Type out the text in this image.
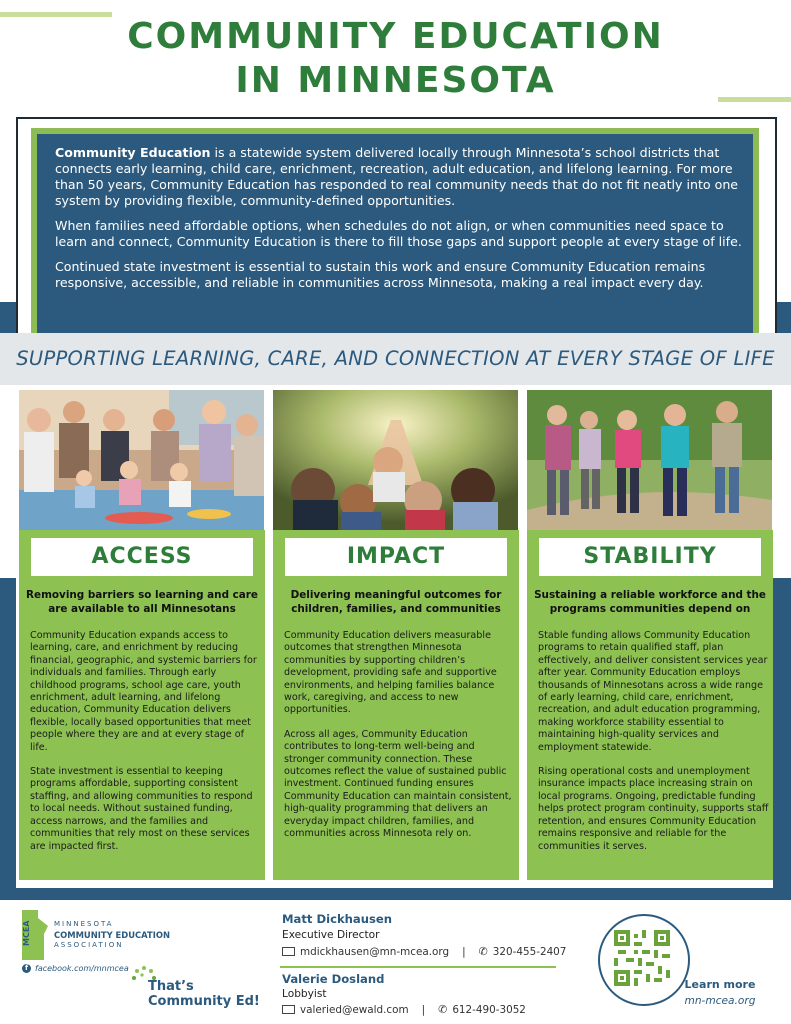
COMMUNITY EDUCATION
IN MINNESOTA

Community Education is a statewide system delivered locally through Minnesota’s school districts that connects early learning, child care, enrichment, recreation, adult education, and lifelong learning. For more than 50 years, Community Education has responded to real community needs that do not fit neatly into one system by providing flexible, community-defined opportunities.

When families need affordable options, when schedules do not align, or when communities need space to learn and connect, Community Education is there to fill those gaps and support people at every stage of life.

Continued state investment is essential to sustain this work and ensure Community Education remains responsive, accessible, and reliable in communities across Minnesota, making a real impact every day.

SUPPORTING LEARNING, CARE, AND CONNECTION AT EVERY STAGE OF LIFE
ACCESS
Removing barriers so learning and care are available to all Minnesotans

Community Education expands access to learning, care, and enrichment by reducing financial, geographic, and systemic barriers for individuals and families. Through early childhood programs, school age care, youth enrichment, adult learning, and lifelong education, Community Education delivers flexible, locally based opportunities that meet people where they are and at every stage of life.

State investment is essential to keeping programs affordable, supporting consistent staffing, and allowing communities to respond to local needs. Without sustained funding, access narrows, and the families and communities that rely most on these services are impacted first.

IMPACT
Delivering meaningful outcomes for children, families, and communities

Community Education delivers measurable outcomes that strengthen Minnesota communities by supporting children’s development, providing safe and supportive environments, and helping families balance work, caregiving, and access to new opportunities.

Across all ages, Community Education contributes to long-term well-being and stronger community connection. These outcomes reflect the value of sustained public investment. Continued funding ensures Community Education can maintain consistent, high-quality programming that delivers an everyday impact children, families, and communities across Minnesota rely on.

STABILITY
Sustaining a reliable workforce and the programs communities depend on

Stable funding allows Community Education programs to retain qualified staff, plan effectively, and deliver consistent services year after year. Community Education employs thousands of Minnesotans across a wide range of early learning, child care, enrichment, recreation, and adult education programming, making workforce stability essential to maintaining high-quality services and employment statewide.

Rising operational costs and unemployment insurance impacts place increasing strain on local programs. Ongoing, predictable funding helps protect program continuity, supports staff retention, and ensures Community Education remains responsive and reliable for the communities it serves.

MCEA	MINNESOTA
COMMUNITY EDUCATION
ASSOCIATION
f facebook.com/mnmcea
That’s
Community Ed!
Matt Dickhausen
Executive Director
mdickhausen@mn-mcea.org | ✆ 320-455-2407
Valerie Dosland
Lobbyist
valeried@ewald.com | ✆ 612-490-3052
Learn more
mn-mcea.org
